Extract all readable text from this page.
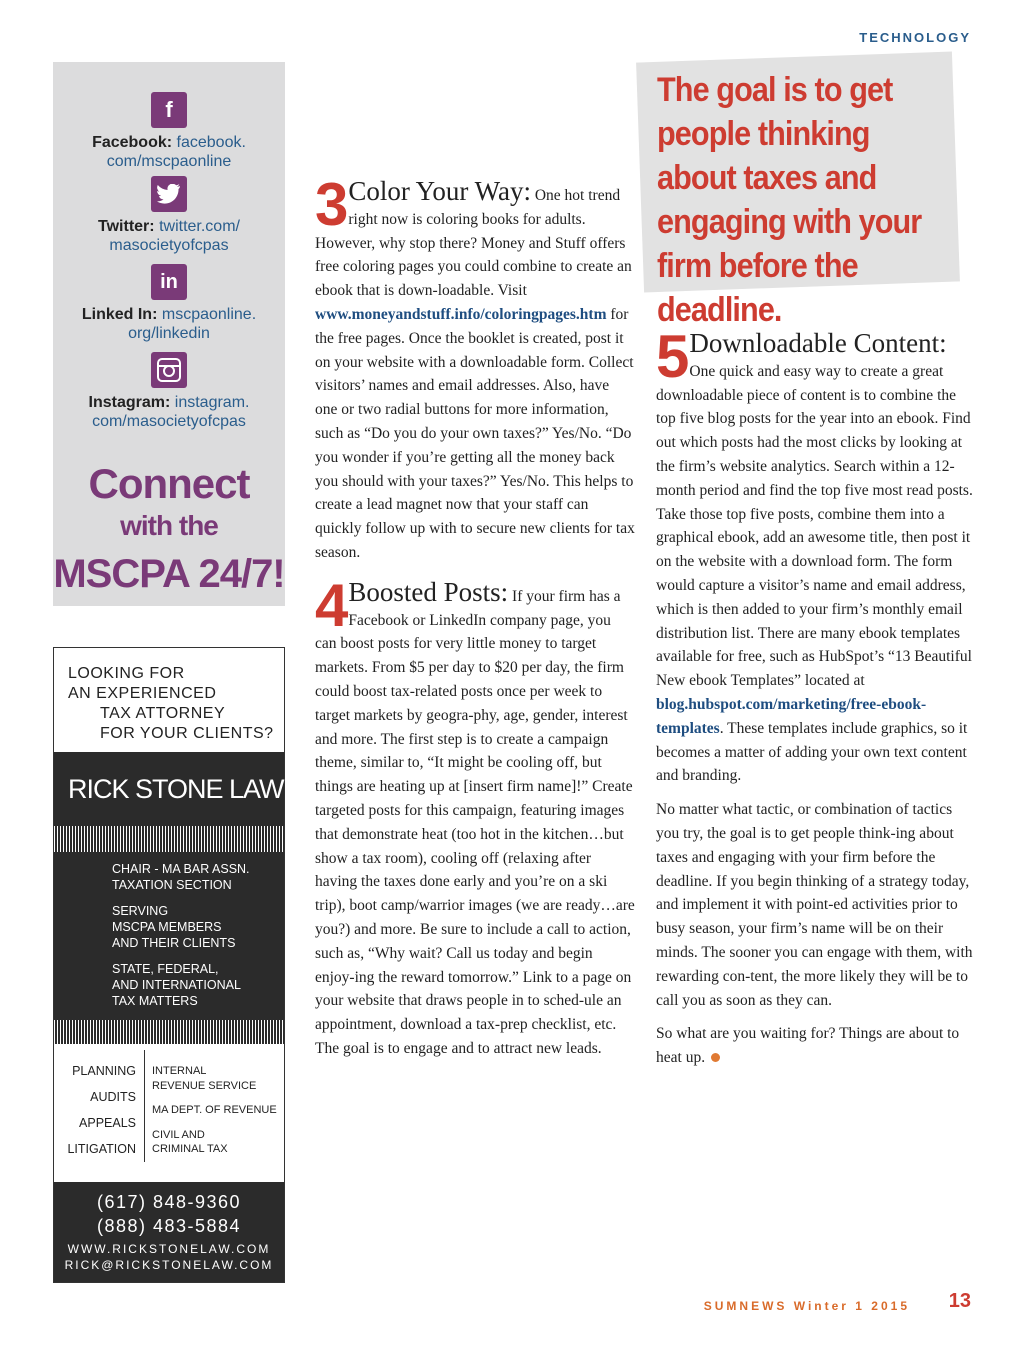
TECHNOLOGY
f
Facebook: facebook.
com/mscpaonline
Twitter: twitter.com/
masocietyofcpas
in
Linked In: mscpaonline.
org/linkedin
Instagram: instagram.
com/masocietyofcpas
Connect
with the
MSCPA 24/7!
LOOKING FOR
AN EXPERIENCED
TAX ATTORNEY
FOR YOUR CLIENTS?
RICK STONE LAW
CHAIR - MA BAR ASSN.
TAXATION SECTION
SERVING
MSCPA MEMBERS
AND THEIR CLIENTS
STATE, FEDERAL,
AND INTERNATIONAL
TAX MATTERS
PLANNING
AUDITS
APPEALS
LITIGATION
INTERNAL
REVENUE SERVICE
MA DEPT. OF REVENUE
CIVIL AND
CRIMINAL TAX
(617) 848-9360
(888) 483-5884
WWW.RICKSTONELAW.COM
RICK@RICKSTONELAW.COM

3 Color Your Way: One hot trend right now is coloring books for adults. However, why stop there? Money and Stuff offers free coloring pages you could combine to create an ebook that is down-loadable. Visit www.moneyandstuff.info/coloringpages.htm for the free pages. Once the booklet is created, post it on your website with a downloadable form. Collect visitors’ names and email addresses. Also, have one or two radial buttons for more information, such as “Do you do your own taxes?” Yes/No. “Do you wonder if you’re getting all the money back you should with your taxes?” Yes/No. This helps to create a lead magnet now that your staff can quickly follow up with to secure new clients for tax season.

4 Boosted Posts: If your firm has a Facebook or LinkedIn company page, you can boost posts for very little money to target markets. From $5 per day to $20 per day, the firm could boost tax-related posts once per week to target markets by geogra-phy, age, gender, interest and more. The first step is to create a campaign theme, similar to, “It might be cooling off, but things are heating up at [insert firm name]!” Create targeted posts for this campaign, featuring images that demonstrate heat (too hot in the kitchen…but show a tax room), cooling off (relaxing after having the taxes done early and you’re on a ski trip), boot camp/warrior images (we are ready…are you?) and more. Be sure to include a call to action, such as, “Why wait? Call us today and begin enjoy-ing the reward tomorrow.” Link to a page on your website that draws people in to sched-ule an appointment, download a tax-prep checklist, etc. The goal is to engage and to attract new leads.

The goal is to get people thinking about taxes and engaging with your firm before the deadline.

5 Downloadable Content: One quick and easy way to create a great downloadable piece of content is to combine the top five blog posts for the year into an ebook. Find out which posts had the most clicks by looking at the firm’s website analytics. Search within a 12-month period and find the top five most read posts. Take those top five posts, combine them into a graphical ebook, add an awesome title, then post it on the website with a download form. The form would capture a visitor’s name and email address, which is then added to your firm’s monthly email distribution list. There are many ebook templates available for free, such as HubSpot’s “13 Beautiful New ebook Templates” located at blog.hubspot.com/marketing/free-ebook-templates. These templates include graphics, so it becomes a matter of adding your own text content and branding.

No matter what tactic, or combination of tactics you try, the goal is to get people think-ing about taxes and engaging with your firm before the deadline. If you begin thinking of a strategy today, and implement it with point-ed activities prior to busy season, your firm’s name will be on their minds. The sooner you can engage with them, with rewarding con-tent, the more likely they will be to call you as soon as they can.

So what are you waiting for? Things are about to heat up.

SUMNEWS Winter 1 2015 13
